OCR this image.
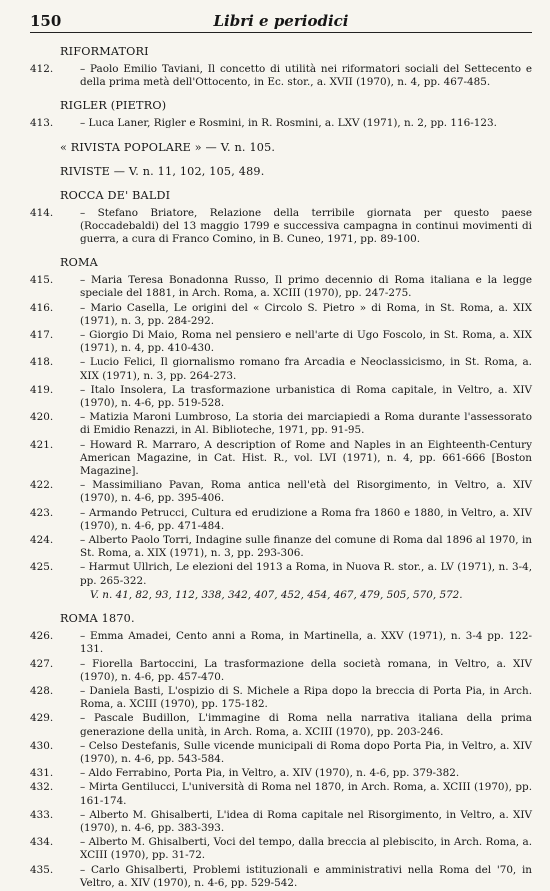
150	Libri e periodici
RIFORMATORI
412.	– Paolo Emilio Taviani, Il concetto di utilità nei riformatori sociali del Settecento e della prima metà dell'Ottocento, in Ec. stor., a. XVII (1970), n. 4, pp. 467-485.
RIGLER (PIETRO)
413.	– Luca Laner, Rigler e Rosmini, in R. Rosmini, a. LXV (1971), n. 2, pp. 116-123.
« RIVISTA POPOLARE » — V. n. 105.
RIVISTE — V. n. 11, 102, 105, 489.
ROCCA DE' BALDI
414.	– Stefano Briatore, Relazione della terribile giornata per questo paese (Roccadebaldi) del 13 maggio 1799 e successiva campagna in continui movimenti di guerra, a cura di Franco Comino, in B. Cuneo, 1971, pp. 89-100.
ROMA
415.	– Maria Teresa Bonadonna Russo, Il primo decennio di Roma italiana e la legge speciale del 1881, in Arch. Roma, a. XCIII (1970), pp. 247-275.
416.	– Mario Casella, Le origini del « Circolo S. Pietro » di Roma, in St. Roma, a. XIX (1971), n. 3, pp. 284-292.
417.	– Giorgio Di Maio, Roma nel pensiero e nell'arte di Ugo Foscolo, in St. Roma, a. XIX (1971), n. 4, pp. 410-430.
418.	– Lucio Felici, Il giornalismo romano fra Arcadia e Neoclassicismo, in St. Roma, a. XIX (1971), n. 3, pp. 264-273.
419.	– Italo Insolera, La trasformazione urbanistica di Roma capitale, in Veltro, a. XIV (1970), n. 4-6, pp. 519-528.
420.	– Matizia Maroni Lumbroso, La storia dei marciapiedi a Roma durante l'assessorato di Emidio Renazzi, in Al. Biblioteche, 1971, pp. 91-95.
421.	– Howard R. Marraro, A description of Rome and Naples in an Eighteenth-Century American Magazine, in Cat. Hist. R., vol. LVI (1971), n. 4, pp. 661-666 [Boston Magazine].
422.	– Massimiliano Pavan, Roma antica nell'età del Risorgimento, in Veltro, a. XIV (1970), n. 4-6, pp. 395-406.
423.	– Armando Petrucci, Cultura ed erudizione a Roma fra 1860 e 1880, in Veltro, a. XIV (1970), n. 4-6, pp. 471-484.
424.	– Alberto Paolo Torri, Indagine sulle finanze del comune di Roma dal 1896 al 1970, in St. Roma, a. XIX (1971), n. 3, pp. 293-306.
425.	– Harmut Ullrich, Le elezioni del 1913 a Roma, in Nuova R. stor., a. LV (1971), n. 3-4, pp. 265-322.
V. n. 41, 82, 93, 112, 338, 342, 407, 452, 454, 467, 479, 505, 570, 572.
ROMA 1870.
426.	– Emma Amadei, Cento anni a Roma, in Martinella, a. XXV (1971), n. 3-4 pp. 122-131.
427.	– Fiorella Bartoccini, La trasformazione della società romana, in Veltro, a. XIV (1970), n. 4-6, pp. 457-470.
428.	– Daniela Basti, L'ospizio di S. Michele a Ripa dopo la breccia di Porta Pia, in Arch. Roma, a. XCIII (1970), pp. 175-182.
429.	– Pascale Budillon, L'immagine di Roma nella narrativa italiana della prima generazione della unità, in Arch. Roma, a. XCIII (1970), pp. 203-246.
430.	– Celso Destefanis, Sulle vicende municipali di Roma dopo Porta Pia, in Veltro, a. XIV (1970), n. 4-6, pp. 543-584.
431.	– Aldo Ferrabino, Porta Pia, in Veltro, a. XIV (1970), n. 4-6, pp. 379-382.
432.	– Mirta Gentilucci, L'università di Roma nel 1870, in Arch. Roma, a. XCIII (1970), pp. 161-174.
433.	– Alberto M. Ghisalberti, L'idea di Roma capitale nel Risorgimento, in Veltro, a. XIV (1970), n. 4-6, pp. 383-393.
434.	– Alberto M. Ghisalberti, Voci del tempo, dalla breccia al plebiscito, in Arch. Roma, a. XCIII (1970), pp. 31-72.
435.	– Carlo Ghisalberti, Problemi istituzionali e amministrativi nella Roma del '70, in Veltro, a. XIV (1970), n. 4-6, pp. 529-542.
